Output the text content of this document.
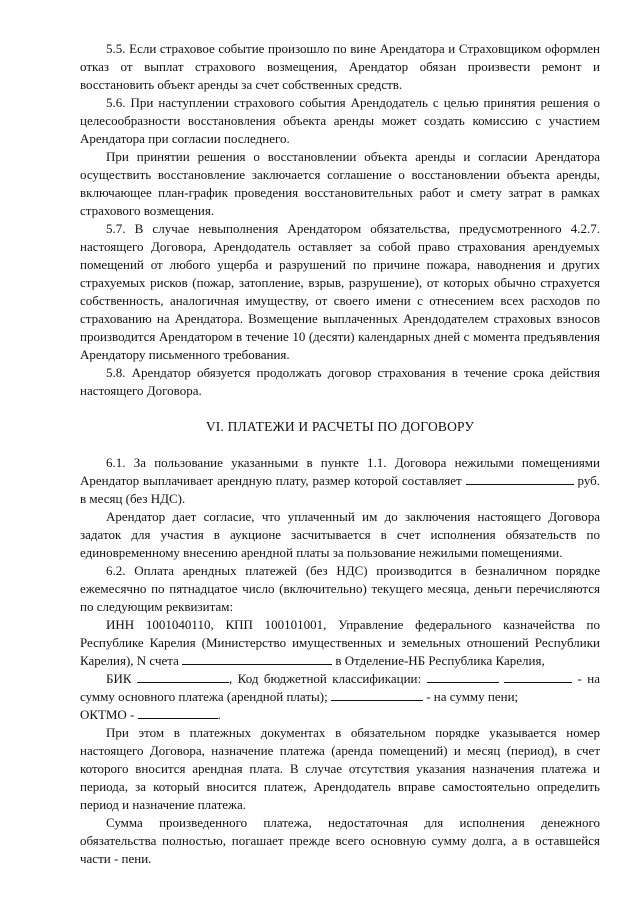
5.5. Если страховое событие произошло по вине Арендатора и Страховщиком оформлен отказ от выплат страхового возмещения, Арендатор обязан произвести ремонт и восстановить объект аренды за счет собственных средств.

5.6. При наступлении страхового события Арендодатель с целью принятия решения о целесообразности восстановления объекта аренды может создать комиссию с участием Арендатора при согласии последнего.

При принятии решения о восстановлении объекта аренды и согласии Арендатора осуществить восстановление заключается соглашение о восстановлении объекта аренды, включающее план-график проведения восстановительных работ и смету затрат в рамках страхового возмещения.

5.7. В случае невыполнения Арендатором обязательства, предусмотренного 4.2.7. настоящего Договора, Арендодатель оставляет за собой право страхования арендуемых помещений от любого ущерба и разрушений по причине пожара, наводнения и других страхуемых рисков (пожар, затопление, взрыв, разрушение), от которых обычно страхуется собственность, аналогичная имуществу, от своего имени с отнесением всех расходов по страхованию на Арендатора. Возмещение выплаченных Арендодателем страховых взносов производится Арендатором в течение 10 (десяти) календарных дней с момента предъявления Арендатору письменного требования.

5.8. Арендатор обязуется продолжать договор страхования в течение срока действия настоящего Договора.

VI. ПЛАТЕЖИ И РАСЧЕТЫ ПО ДОГОВОРУ

6.1. За пользование указанными в пункте 1.1. Договора нежилыми помещениями Арендатор выплачивает арендную плату, размер которой составляет	руб. в месяц (без НДС).

Арендатор дает согласие, что уплаченный им до заключения настоящего Договора задаток для участия в аукционе засчитывается в счет исполнения обязательств по единовременному внесению арендной платы за пользование нежилыми помещениями.

6.2. Оплата арендных платежей (без НДС) производится в безналичном порядке ежемесячно по пятнадцатое число (включительно) текущего месяца, деньги перечисляются по следующим реквизитам:

ИНН 1001040110, КПП 100101001, Управление федерального казначейства по Республике Карелия (Министерство имущественных и земельных отношений Республики Карелия), N счета	в Отделение-НБ Республика Карелия,

БИК	, Код бюджетной классификации:	- на сумму основного платежа (арендной платы);	- на сумму пени;

ОКТМО -	.

При этом в платежных документах в обязательном порядке указывается номер настоящего Договора, назначение платежа (аренда помещений) и месяц (период), в счет которого вносится арендная плата. В случае отсутствия указания назначения платежа и периода, за который вносится платеж, Арендодатель вправе самостоятельно определить период и назначение платежа.

Сумма произведенного платежа, недостаточная для исполнения денежного обязательства полностью, погашает прежде всего основную сумму долга, а в оставшейся части - пени.
